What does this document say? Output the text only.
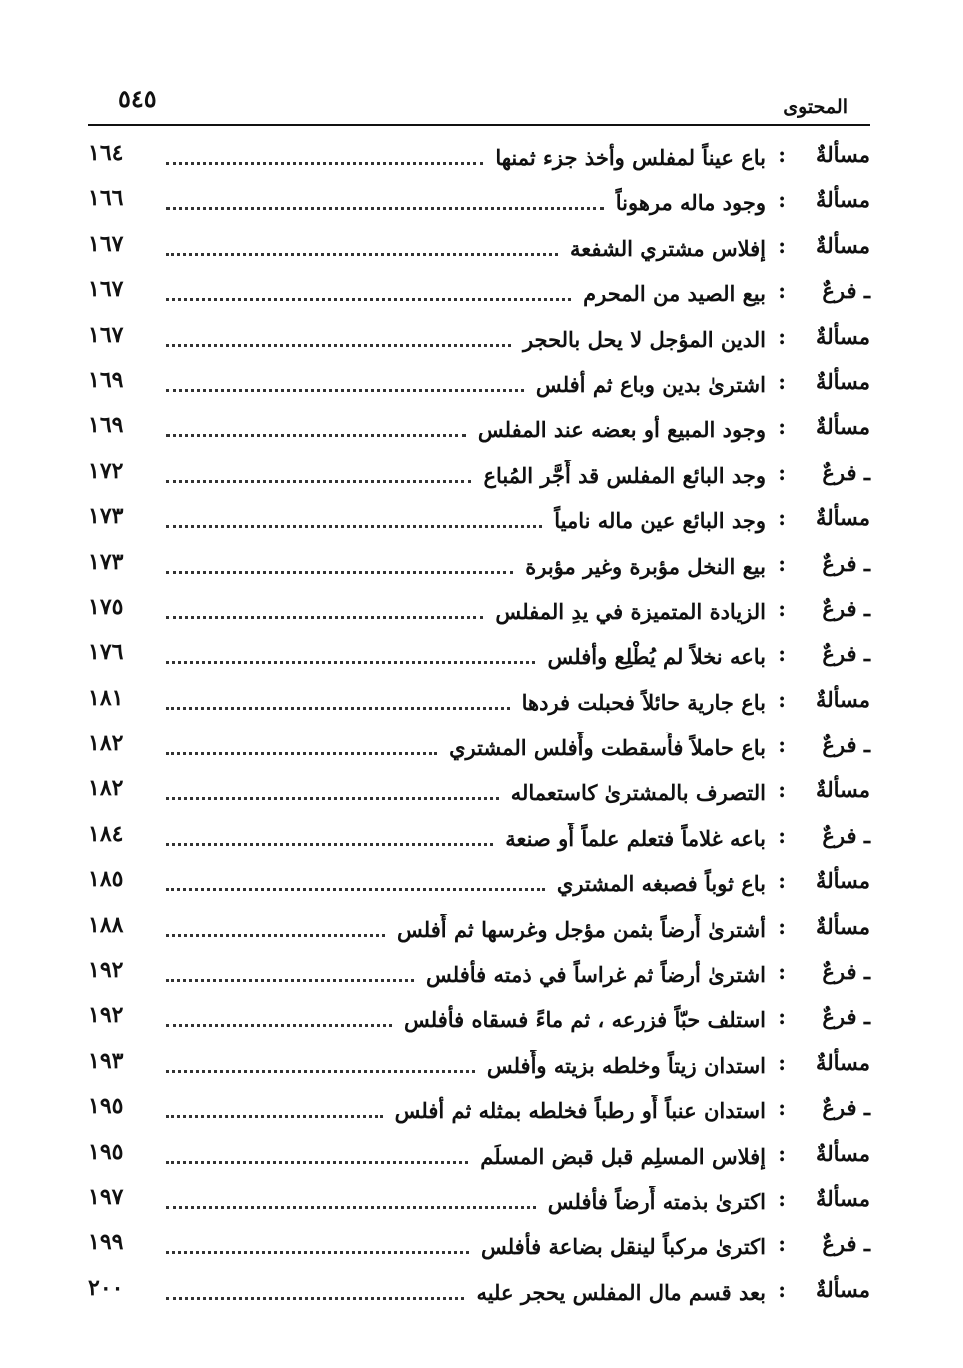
المحتوى
٥٤٥
مسألةٌ
:
باع عيناً لمفلس وأخذ جزء ثمنها
١٦٤
مسألةٌ
:
وجود ماله مرهوناً
١٦٦
مسألةٌ
:
إفلاس مشتري الشفعة
١٦٧
ـ فرعٌ
:
بيع الصيد من المحرم
١٦٧
مسألةٌ
:
الدين المؤجل لا يحل بالحجر
١٦٧
مسألةٌ
:
اشترىٰ بدين وباع ثم أفلس
١٦٩
مسألةٌ
:
وجود المبيع أو بعضه عند المفلس
١٦٩
ـ فرعٌ
:
وجد البائع المفلس قد أَجَّر المُباع
١٧٢
مسألةٌ
:
وجد البائع عين ماله نامياً
١٧٣
ـ فرعٌ
:
بيع النخل مؤبرة وغير مؤبرة
١٧٣
ـ فرعٌ
:
الزيادة المتميزة في يدِ المفلس
١٧٥
ـ فرعٌ
:
باعه نخلاً لم يُطْلِع وأفلس
١٧٦
مسألةٌ
:
باع جارية حائلاً فحبلت فردها
١٨١
ـ فرعٌ
:
باع حاملاً فأَسقطت وأَفلس المشتري
١٨٢
مسألةٌ
:
التصرف بالمشترىٰ كاستعماله
١٨٢
ـ فرعٌ
:
باعه غلاماً فتعلم علماً أَو صنعة
١٨٤
مسألةٌ
:
باع ثوباً فصبغه المشتري
١٨٥
مسألةٌ
:
أشترىٰ أَرضاً بثمن مؤجل وغرسها ثم أَفلس
١٨٨
ـ فرعٌ
:
اشترىٰ أرضاً ثم غراساً في ذمته فأفلس
١٩٢
ـ فرعٌ
:
استلف حبّاً فزرعه ، ثم ماءً فسقاه فأفلس
١٩٢
مسألةٌ
:
استدان زيتاً وخلطه بزيته وأَفلس
١٩٣
ـ فرعٌ
:
استدان عنباً أَو رطباً فخلطه بمثله ثم أفلس
١٩٥
مسألةٌ
:
إفلاس المسلِم قبل قبض المسلَم
١٩٥
مسألةٌ
:
اكترىٰ بذمته أَرضاً فأفلس
١٩٧
ـ فرعٌ
:
اكترىٰ مركباً لينقل بضاعة فأفلس
١٩٩
مسألةٌ
:
بعد قسم مال المفلس يحجر عليه
٢٠٠
